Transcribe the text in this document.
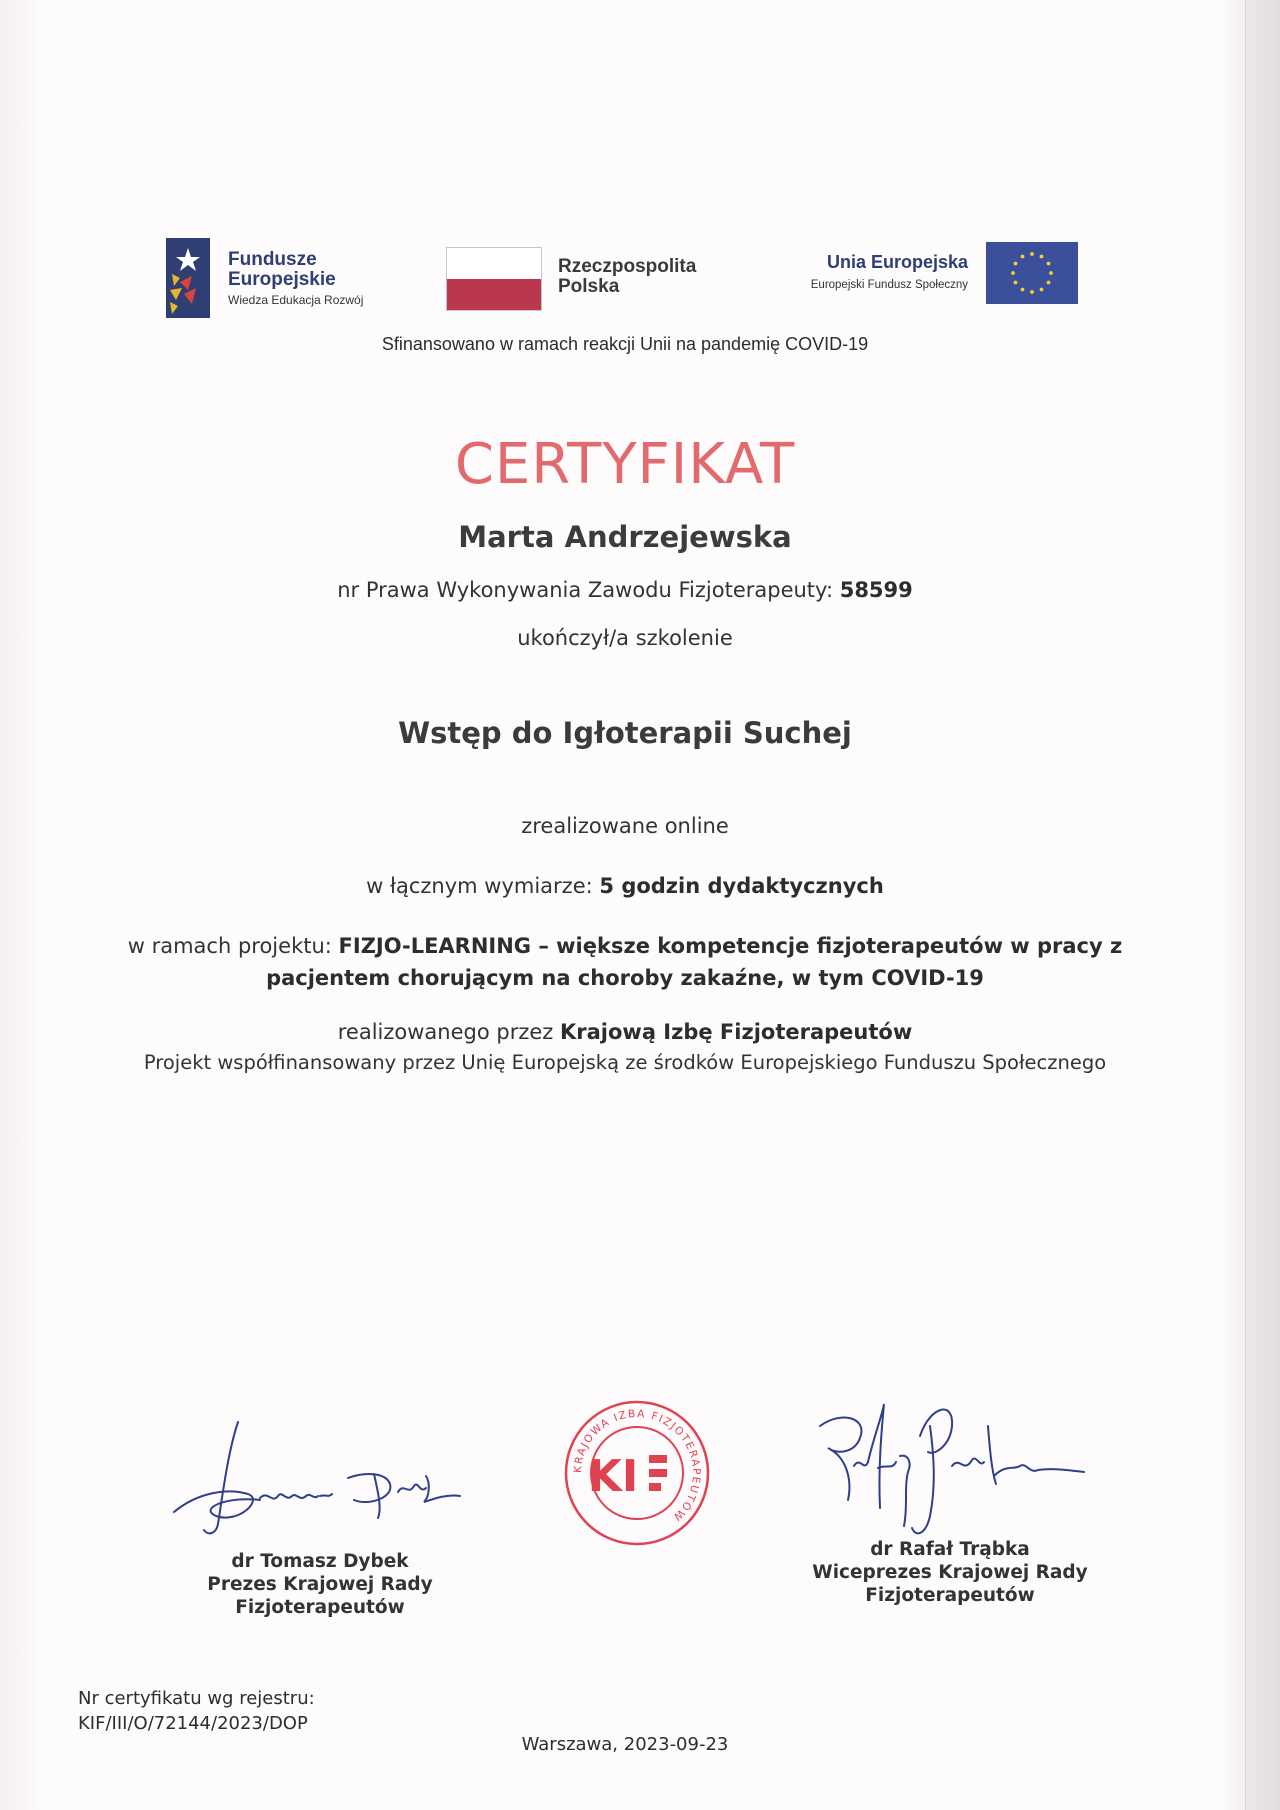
Fundusze
Europejskie
Wiedza Edukacja Rozwój
Rzeczpospolita
Polska
Unia Europejska
Europejski Fundusz Społeczny
Sfinansowano w ramach reakcji Unii na pandemię COVID-19
CERTYFIKAT
Marta Andrzejewska
nr Prawa Wykonywania Zawodu Fizjoterapeuty: 58599
ukończył/a szkolenie
Wstęp do Igłoterapii Suchej
zrealizowane online
w łącznym wymiarze: 5 godzin dydaktycznych
w ramach projektu: FIZJO-LEARNING – większe kompetencje fizjoterapeutów w pracy z pacjentem chorującym na choroby zakaźne, w tym COVID-19
realizowanego przez Krajową Izbę Fizjoterapeutów
Projekt współfinansowany przez Unię Europejską ze środków Europejskiego Funduszu Społecznego
dr Tomasz Dybek
Prezes Krajowej Rady
Fizjoterapeutów
KRAJOWA IZBA FIZJOTERAPEUTÓW
KI
dr Rafał Trąbka
Wiceprezes Krajowej Rady
Fizjoterapeutów
Nr certyfikatu wg rejestru:
KIF/III/O/72144/2023/DOP
Warszawa, 2023-09-23
